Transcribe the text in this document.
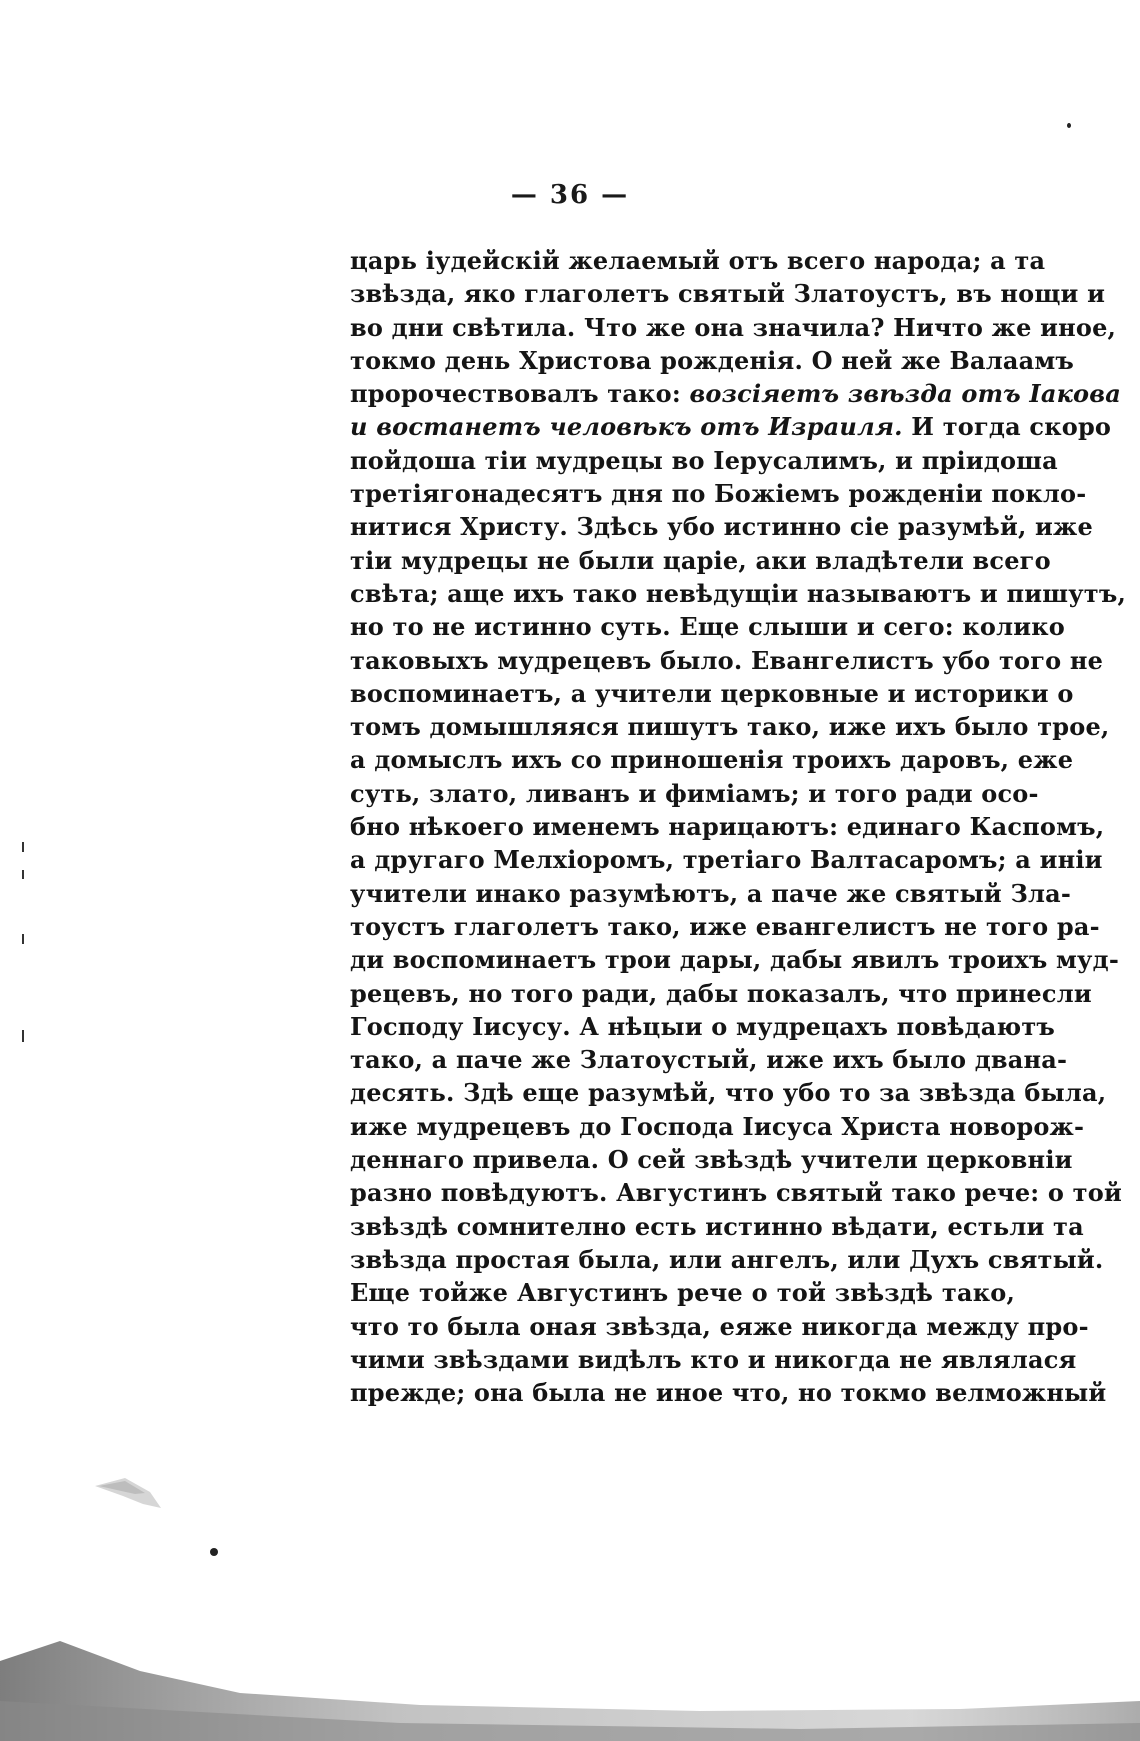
— 36 —
царь іудейскій желаемый отъ всего народа; а та
звѣзда, яко глаголетъ святый Златоустъ, въ нощи и
во дни свѣтила. Что же она значила? Ничто же иное,
токмо день Христова рожденія. О ней же Валаамъ
пророчествовалъ тако: возсіяетъ звѣзда отъ Іакова
и востанетъ человѣкъ отъ Израиля. И тогда скоро
пойдоша тіи мудрецы во Іерусалимъ, и пріидоша
третіягонадесятъ дня по Божіемъ рожденіи покло-
нитися Христу. Здѣсь убо истинно сіе разумѣй, иже
тіи мудрецы не были царіе, аки владѣтели всего
свѣта; аще ихъ тако невѣдущіи называютъ и пишутъ,
но то не истинно суть. Еще слыши и сего: колико
таковыхъ мудрецевъ было. Евангелистъ убо того не
воспоминаетъ, а учители церковные и историки о
томъ домышляяся пишутъ тако, иже ихъ было трое,
а домыслъ ихъ со приношенія троихъ даровъ, еже
суть, злато, ливанъ и фиміамъ; и того ради осо-
бно нѣкоего именемъ нарицаютъ: единаго Каспомъ,
а другаго Мелхіоромъ, третіаго Валтасаромъ; а иніи
учители инако разумѣютъ, а паче же святый Зла-
тоустъ глаголетъ тако, иже евангелистъ не того ра-
ди воспоминаетъ трои дары, дабы явилъ троихъ муд-
рецевъ, но того ради, дабы показалъ, что принесли
Господу Іисусу. А нѣцыи о мудрецахъ повѣдаютъ
тако, а паче же Златоустый, иже ихъ было двана-
десять. Здѣ еще разумѣй, что убо то за звѣзда была,
иже мудрецевъ до Господа Іисуса Христа новорож-
деннаго привела. О сей звѣздѣ учители церковніи
разно повѣдуютъ. Августинъ святый тако рече: о той
звѣздѣ сомнително есть истинно вѣдати, естьли та
звѣзда простая была, или ангелъ, или Духъ святый.
Еще тойже Августинъ рече о той звѣздѣ тако,
что то была оная звѣзда, еяже никогда между про-
чими звѣздами видѣлъ кто и никогда не являлася
прежде; она была не иное что, но токмо велможный
